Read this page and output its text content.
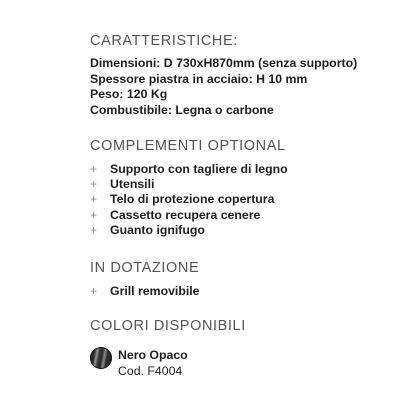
CARATTERISTICHE:
Dimensioni: D 730xH870mm (senza supporto)
Spessore piastra in acciaio: H 10 mm
Peso: 120 Kg
Combustibile: Legna o carbone
COMPLEMENTI OPTIONAL
+ Supporto con tagliere di legno
+ Utensili
+ Telo di protezione copertura
+ Cassetto recupera cenere
+ Guanto ignifugo
IN DOTAZIONE
+ Grill removibile
COLORI DISPONIBILI
Nero Opaco
Cod. F4004
